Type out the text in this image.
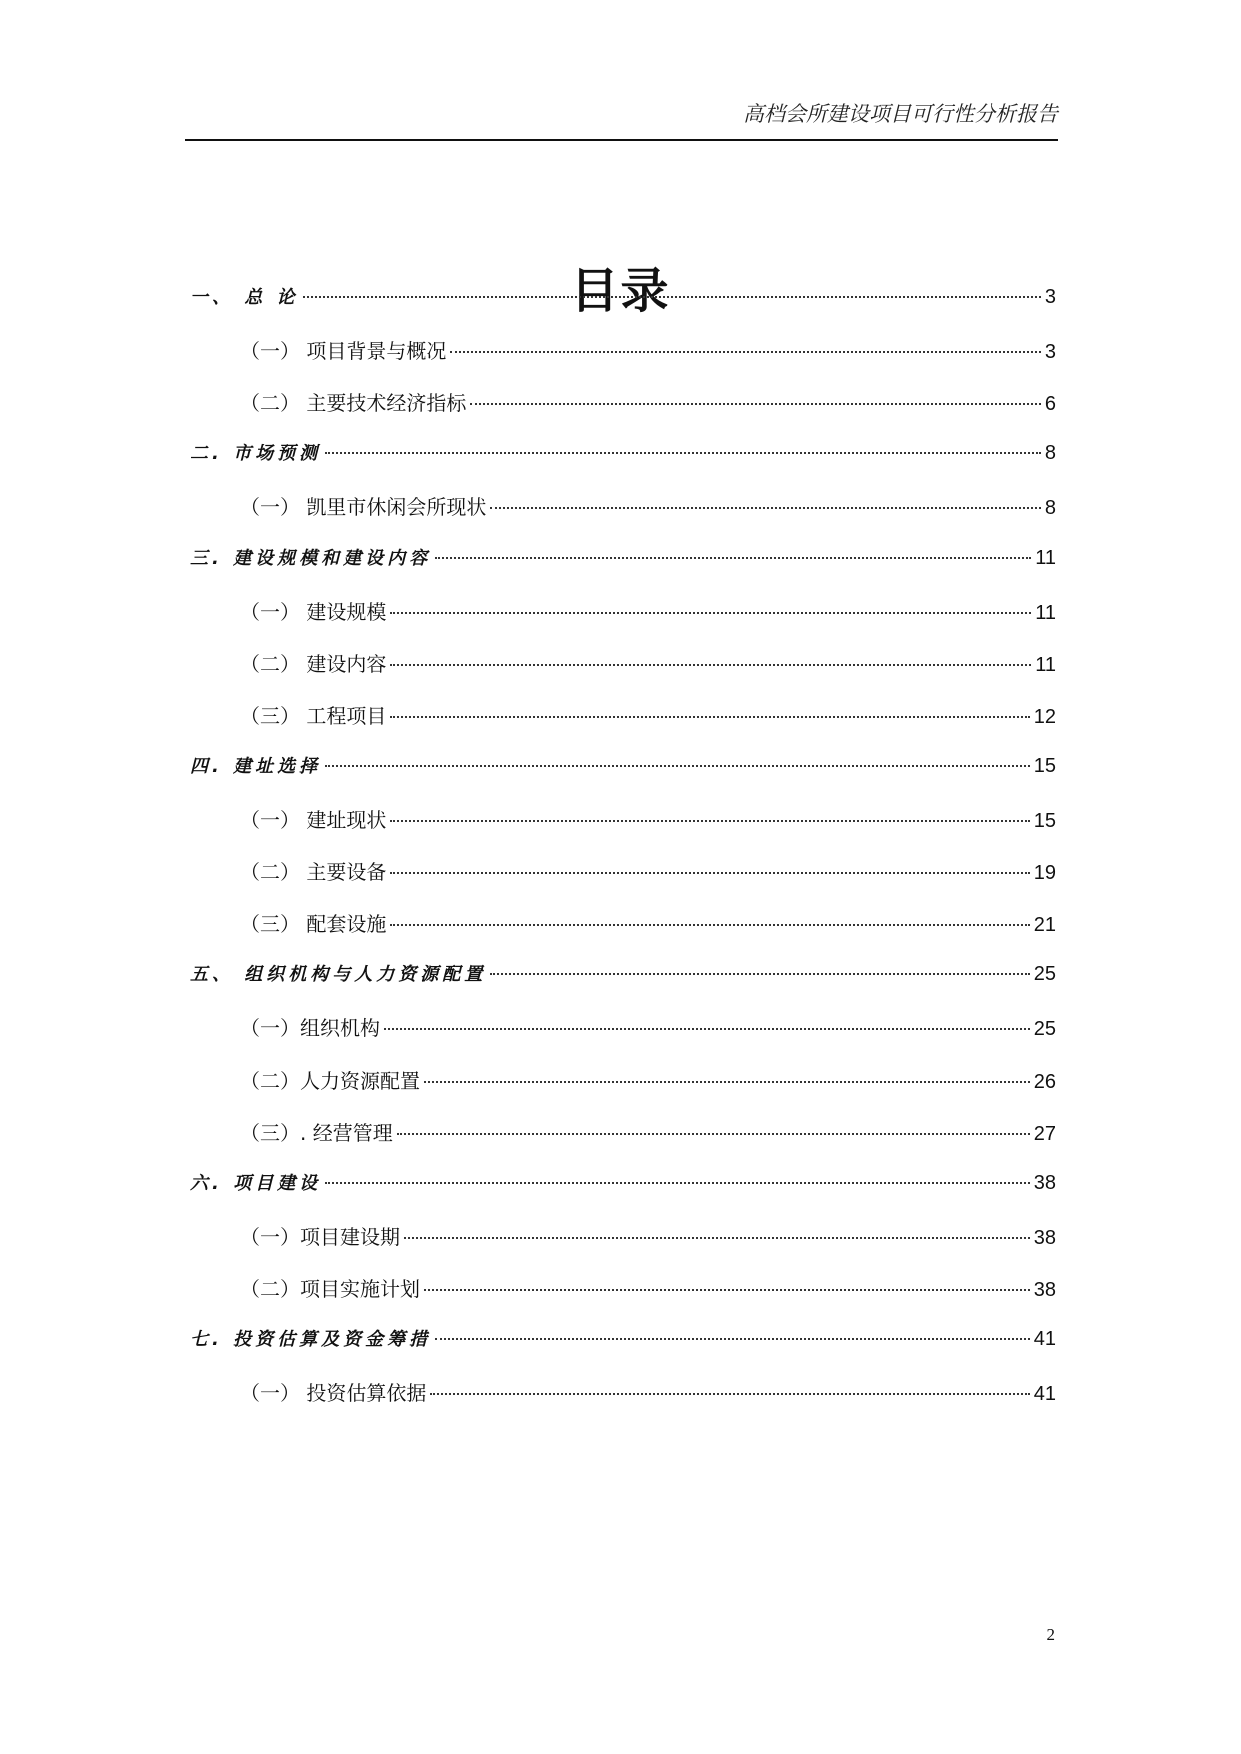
高档会所建设项目可行性分析报告
目录
一、 总 论	3
（一） 项目背景与概况	3
（二） 主要技术经济指标	6
二. 市场预测	8
（一） 凯里市休闲会所现状	8
三. 建设规模和建设内容	11
（一） 建设规模	11
（二） 建设内容	11
（三） 工程项目	12
四. 建址选择	15
（一） 建址现状	15
（二） 主要设备	19
（三） 配套设施	21
五、 组织机构与人力资源配置	25
（一）组织机构	25
（二）人力资源配置	26
（三）. 经营管理	27
六. 项目建设	38
（一）项目建设期	38
（二）项目实施计划	38
七. 投资估算及资金筹措	41
（一） 投资估算依据	41
2
